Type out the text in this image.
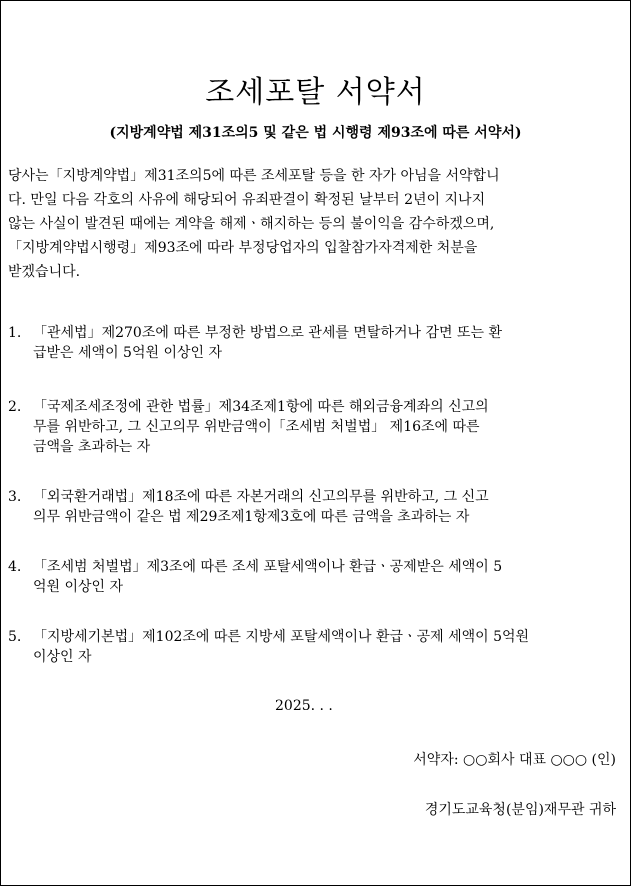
조세포탈 서약서

(지방계약법 제31조의5 및 같은 법 시행령 제93조에 따른 서약서)

당사는「지방계약법」제31조의5에 따른 조세포탈 등을 한 자가 아님을 서약합니
다. 만일 다음 각호의 사유에 해당되어 유죄판결이 확정된 날부터 2년이 지나지
않는 사실이 발견된 때에는 계약을 해제ㆍ해지하는 등의 불이익을 감수하겠으며,
「지방계약법시행령」제93조에 따라 부정당업자의 입찰참가자격제한 처분을
받겠습니다.

1. 「관세법」제270조에 따른 부정한 방법으로 관세를 면탈하거나 감면 또는 환
급받은 세액이 5억원 이상인 자
2. 「국제조세조정에 관한 법률」제34조제1항에 따른 해외금융계좌의 신고의
무를 위반하고, 그 신고의무 위반금액이「조세범 처벌법」 제16조에 따른
금액을 초과하는 자
3. 「외국환거래법」제18조에 따른 자본거래의 신고의무를 위반하고, 그 신고
의무 위반금액이 같은 법 제29조제1항제3호에 따른 금액을 초과하는 자
4. 「조세범 처벌법」제3조에 따른 조세 포탈세액이나 환급ㆍ공제받은 세액이 5
억원 이상인 자
5. 「지방세기본법」제102조에 따른 지방세 포탈세액이나 환급ㆍ공제 세액이 5억원
이상인 자
2025. . .
서약자: ○○회사 대표 ○○○ (인)
경기도교육청(분임)재무관 귀하
